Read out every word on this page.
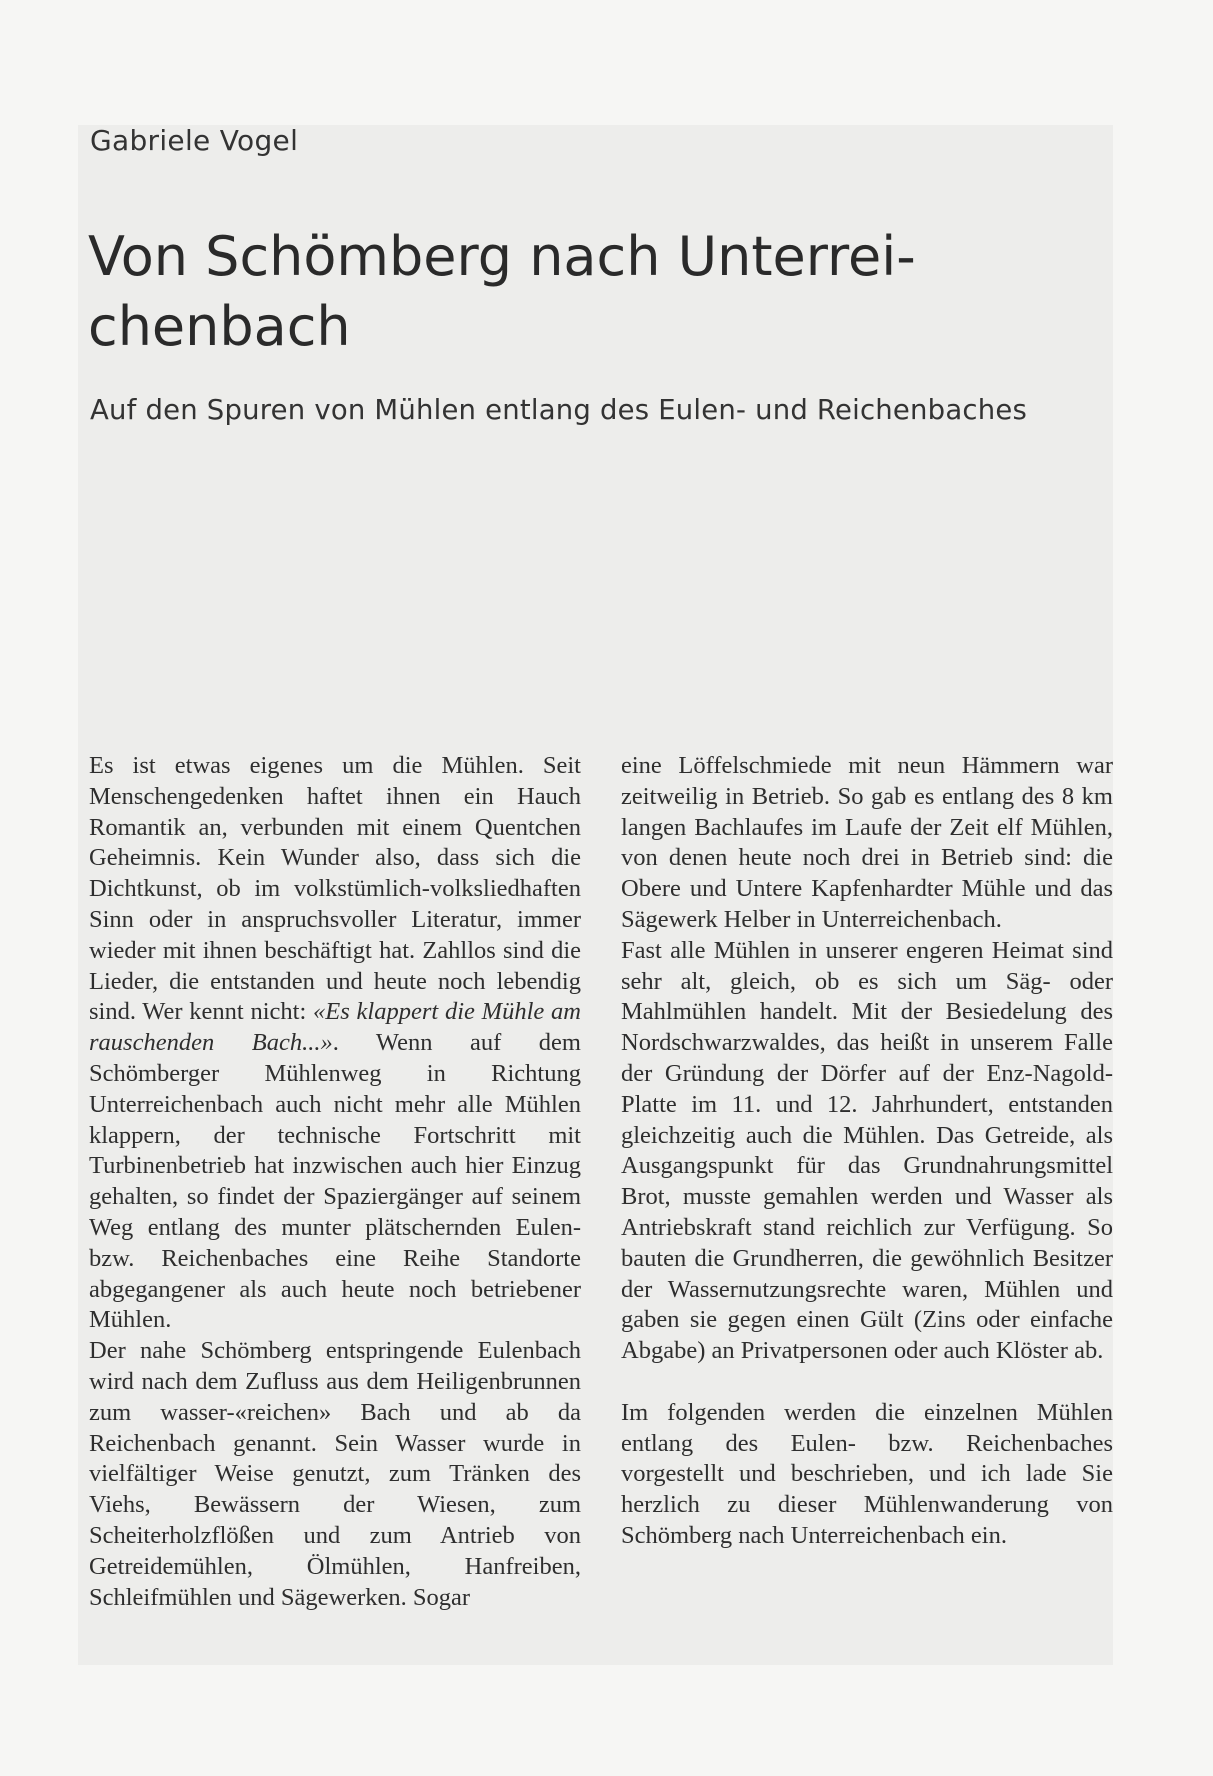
Gabriele Vogel
Von Schömberg nach Unterrei-chenbach
Auf den Spuren von Mühlen entlang des Eulen- und Reichenbaches

Es ist etwas eigenes um die Mühlen. Seit Menschengedenken haftet ihnen ein Hauch Romantik an, verbunden mit einem Quentchen Geheimnis. Kein Wunder also, dass sich die Dichtkunst, ob im volkstümlich-volksliedhaften Sinn oder in anspruchsvoller Literatur, immer wieder mit ihnen beschäftigt hat. Zahllos sind die Lieder, die entstanden und heute noch lebendig sind. Wer kennt nicht: «Es klappert die Mühle am rauschenden Bach...». Wenn auf dem Schömberger Mühlenweg in Richtung Unterreichenbach auch nicht mehr alle Mühlen klappern, der technische Fortschritt mit Turbinenbetrieb hat inzwischen auch hier Einzug gehalten, so findet der Spaziergänger auf seinem Weg entlang des munter plätschernden Eulen- bzw. Reichenbaches eine Reihe Standorte abgegangener als auch heute noch betriebener Mühlen.

Der nahe Schömberg entspringende Eulenbach wird nach dem Zufluss aus dem Heiligenbrunnen zum wasser-«reichen» Bach und ab da Reichenbach genannt. Sein Wasser wurde in vielfältiger Weise genutzt, zum Tränken des Viehs, Bewässern der Wiesen, zum Scheiterholzflößen und zum Antrieb von Getreidemühlen, Ölmühlen, Hanfreiben, Schleifmühlen und Sägewerken. Sogar

eine Löffelschmiede mit neun Hämmern war zeitweilig in Betrieb. So gab es entlang des 8 km langen Bachlaufes im Laufe der Zeit elf Mühlen, von denen heute noch drei in Betrieb sind: die Obere und Untere Kapfenhardter Mühle und das Sägewerk Helber in Unterreichenbach.

Fast alle Mühlen in unserer engeren Heimat sind sehr alt, gleich, ob es sich um Säg- oder Mahlmühlen handelt. Mit der Besiedelung des Nordschwarzwaldes, das heißt in unserem Falle der Gründung der Dörfer auf der Enz-Nagold-Platte im 11. und 12. Jahrhundert, entstanden gleichzeitig auch die Mühlen. Das Getreide, als Ausgangspunkt für das Grundnahrungsmittel Brot, musste gemahlen werden und Wasser als Antriebskraft stand reichlich zur Verfügung. So bauten die Grundherren, die gewöhnlich Besitzer der Wassernutzungsrechte waren, Mühlen und gaben sie gegen einen Gült (Zins oder einfache Abgabe) an Privatpersonen oder auch Klöster ab.

Im folgenden werden die einzelnen Mühlen entlang des Eulen- bzw. Reichenbaches vorgestellt und beschrieben, und ich lade Sie herzlich zu dieser Mühlenwanderung von Schömberg nach Unterreichenbach ein.
